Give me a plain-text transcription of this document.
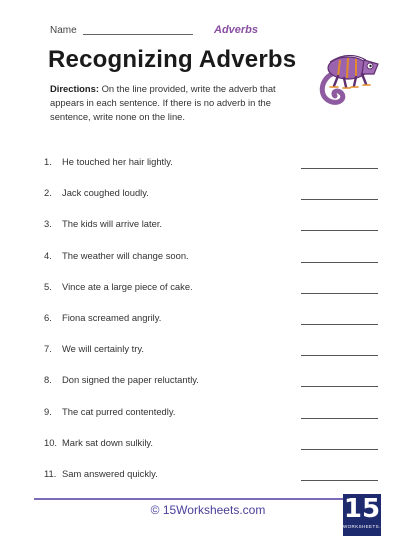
Name	Adverbs
Recognizing Adverbs
Directions: On the line provided, write the adverb that appears in each sentence. If there is no adverb in the sentence, write none on the line.
1.	He touched her hair lightly.
2.	Jack coughed loudly.
3.	The kids will arrive later.
4.	The weather will change soon.
5.	Vince ate a large piece of cake.
6.	Fiona screamed angrily.
7.	We will certainly try.
8.	Don signed the paper reluctantly.
9.	The cat purred contentedly.
10. Mark sat down sulkily.
11. Sam answered quickly.
© 15Worksheets.com	15
WORKSHEETS.COM
